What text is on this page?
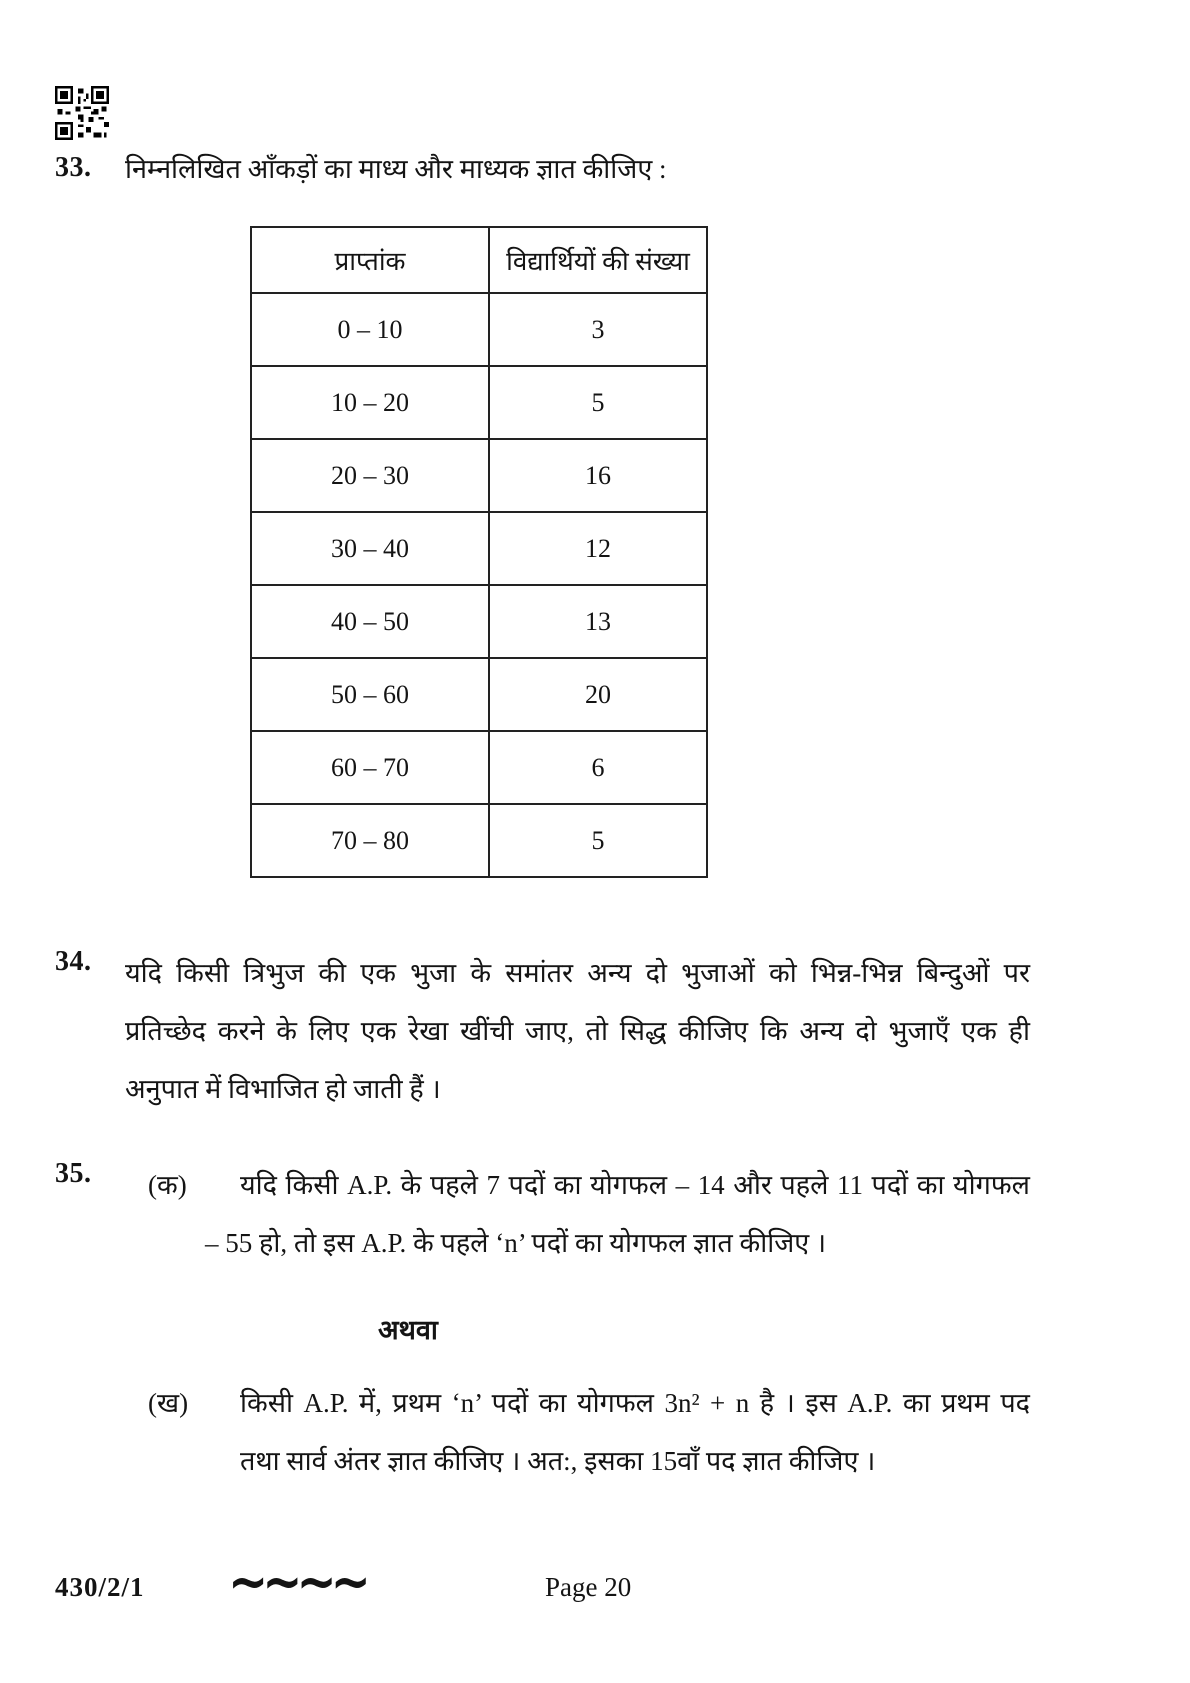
33. निम्नलिखित आँकड़ों का माध्य और माध्यक ज्ञात कीजिए :
प्राप्तांक	विद्यार्थियों की संख्या
0 – 10	3
10 – 20	5
20 – 30	16
30 – 40	12
40 – 50	13
50 – 60	20
60 – 70	6
70 – 80	5
34. यदि किसी त्रिभुज की एक भुजा के समांतर अन्य दो भुजाओं को भिन्न-भिन्न बिन्दुओं पर
प्रतिच्छेद करने के लिए एक रेखा खींची जाए, तो सिद्ध कीजिए कि अन्य दो भुजाएँ एक ही
अनुपात में विभाजित हो जाती हैं ।
35. (क) यदि किसी A.P. के पहले 7 पदों का योगफल – 14 और पहले 11 पदों का योगफल
– 55 हो, तो इस A.P. के पहले ‘n’ पदों का योगफल ज्ञात कीजिए ।
अथवा
(ख) किसी A.P. में, प्रथम ‘n’ पदों का योगफल 3n² + n है । इस A.P. का प्रथम पद
तथा सार्व अंतर ज्ञात कीजिए । अत:, इसका 15वाँ पद ज्ञात कीजिए ।
430/2/1 ~~~~	Page 20
